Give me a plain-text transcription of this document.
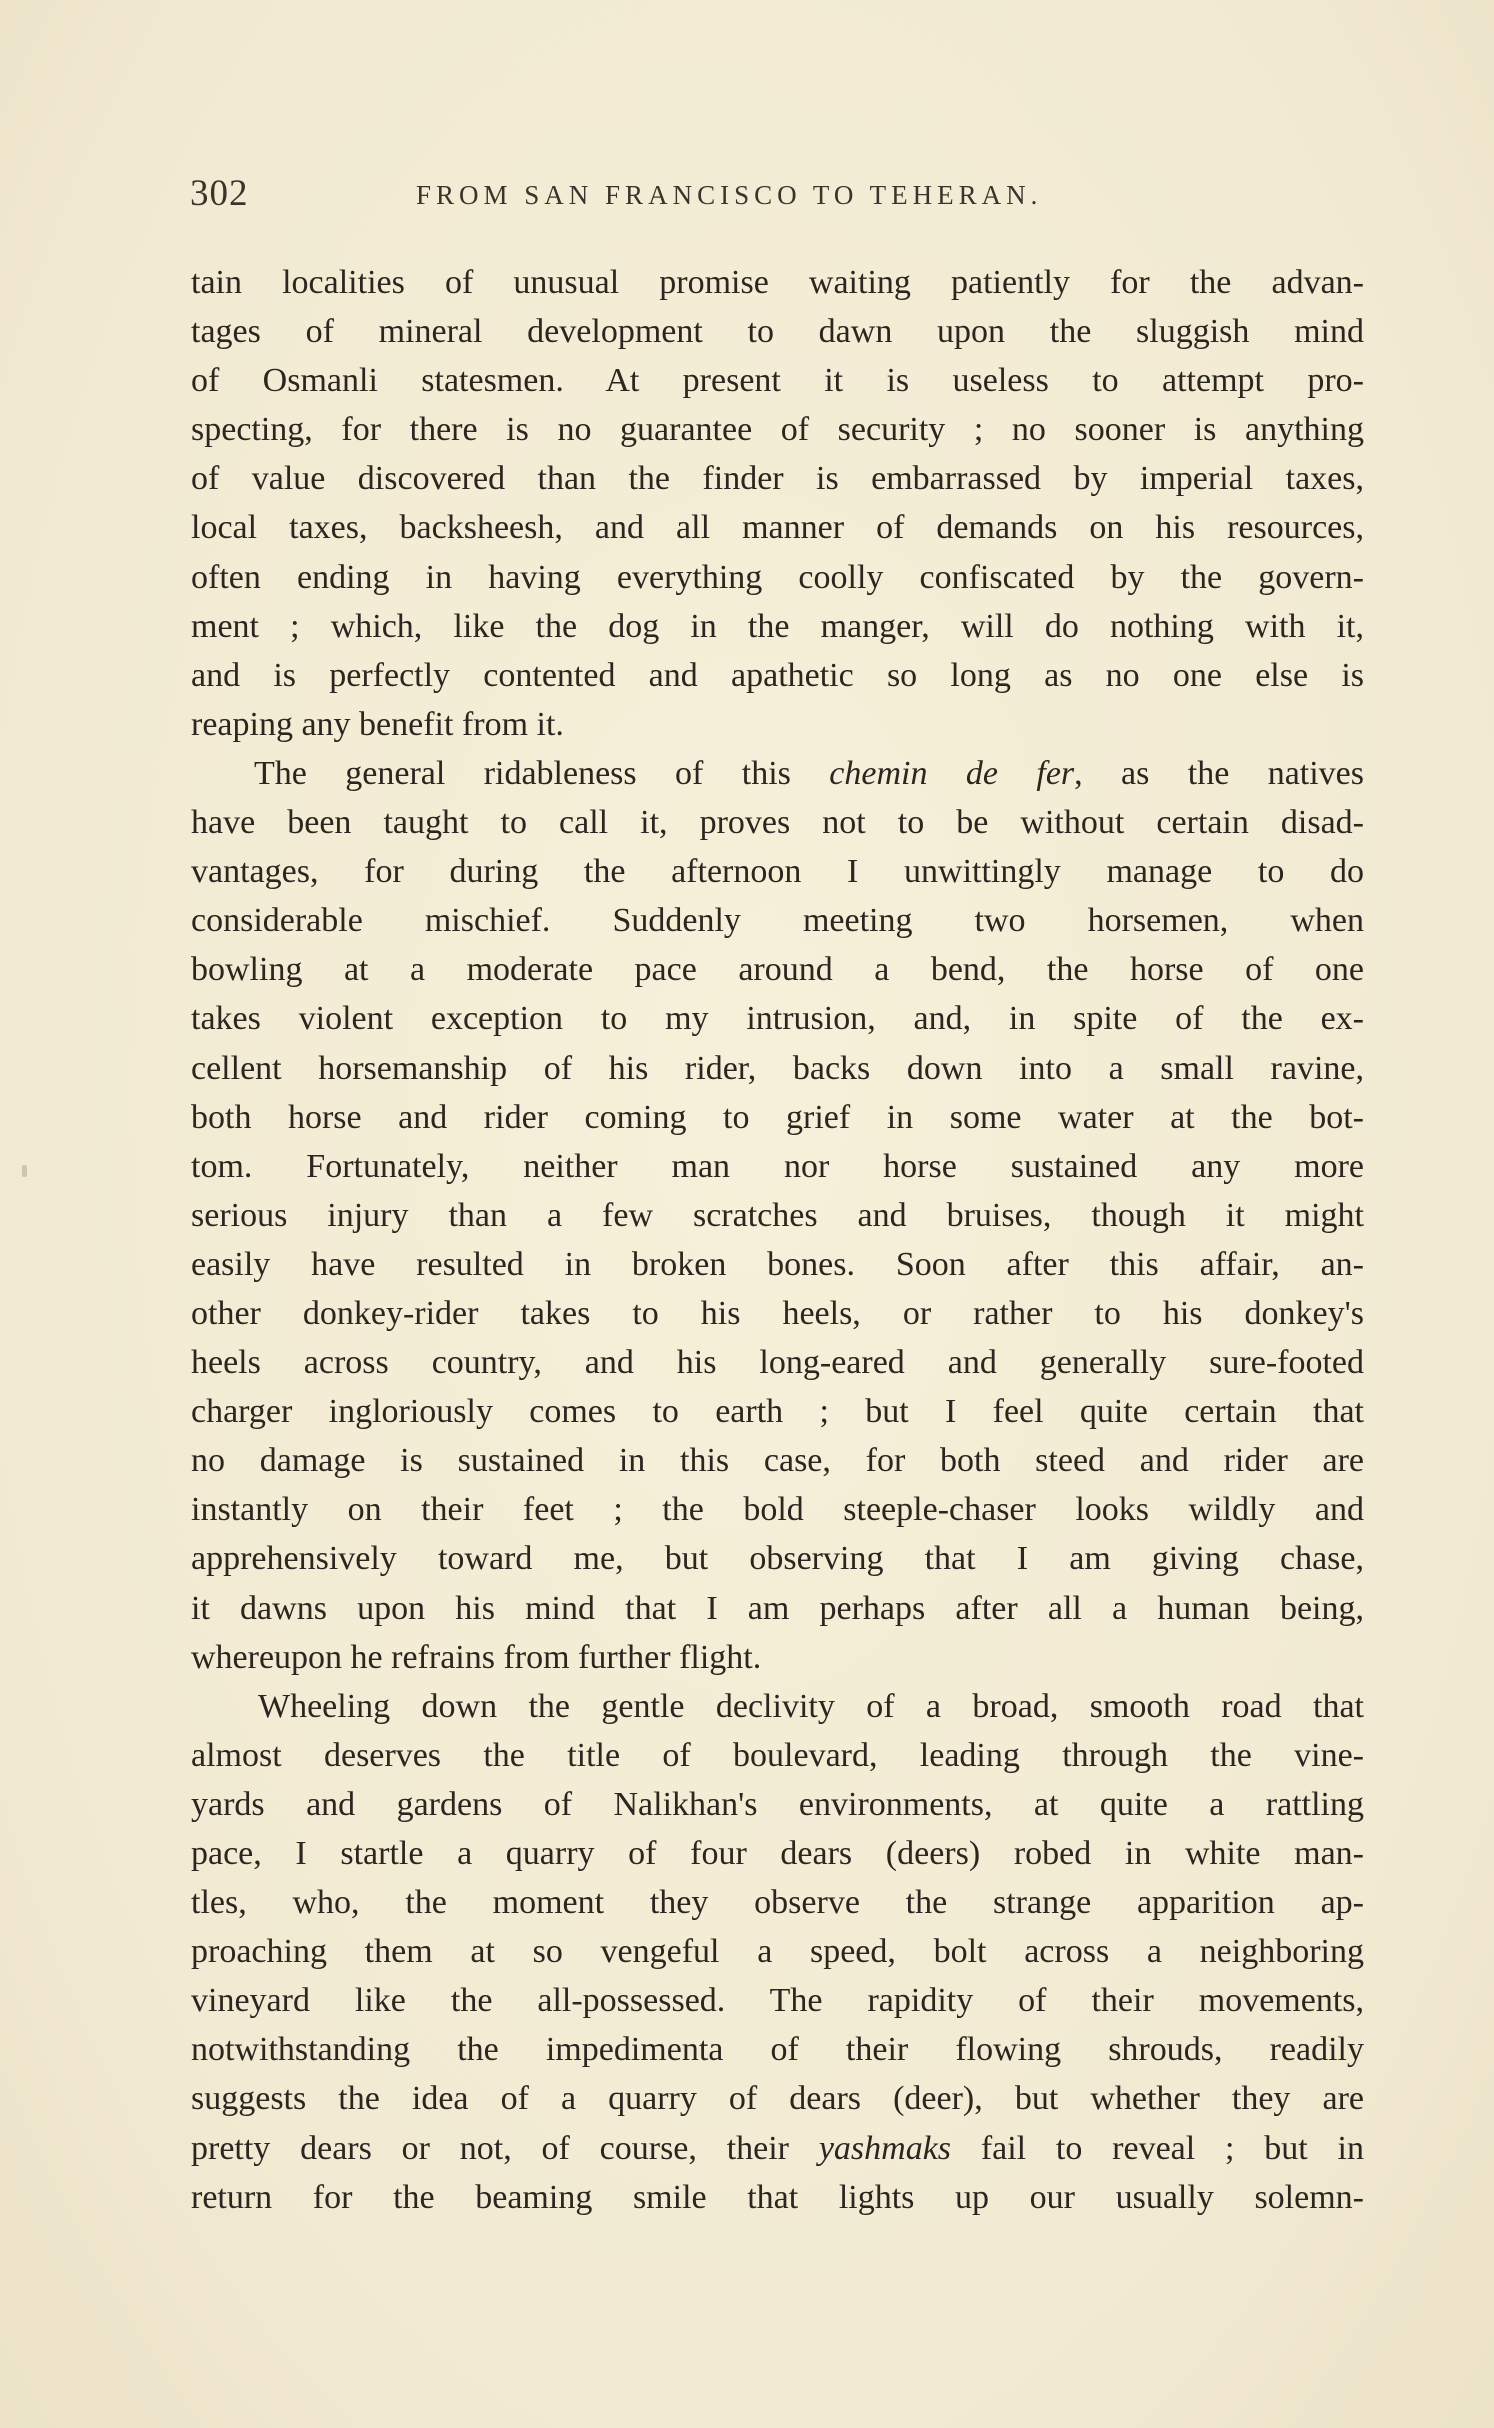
302	FROM SAN FRANCISCO TO TEHERAN.
tain localities of unusual promise waiting patiently for the advan-
tages of mineral development to dawn upon the sluggish mind
of Osmanli statesmen. At present it is useless to attempt pro-
specting, for there is no guarantee of security ; no sooner is anything
of value discovered than the finder is embarrassed by imperial taxes,
local taxes, backsheesh, and all manner of demands on his resources,
often ending in having everything coolly confiscated by the govern-
ment ; which, like the dog in the manger, will do nothing with it,
and is perfectly contented and apathetic so long as no one else is
reaping any benefit from it.
The general ridableness of this chemin de fer, as the natives
have been taught to call it, proves not to be without certain disad-
vantages, for during the afternoon I unwittingly manage to do
considerable mischief. Suddenly meeting two horsemen, when
bowling at a moderate pace around a bend, the horse of one
takes violent exception to my intrusion, and, in spite of the ex-
cellent horsemanship of his rider, backs down into a small ravine,
both horse and rider coming to grief in some water at the bot-
tom. Fortunately, neither man nor horse sustained any more
serious injury than a few scratches and bruises, though it might
easily have resulted in broken bones. Soon after this affair, an-
other donkey-rider takes to his heels, or rather to his donkey's
heels across country, and his long-eared and generally sure-footed
charger ingloriously comes to earth ; but I feel quite certain that
no damage is sustained in this case, for both steed and rider are
instantly on their feet ; the bold steeple-chaser looks wildly and
apprehensively toward me, but observing that I am giving chase,
it dawns upon his mind that I am perhaps after all a human being,
whereupon he refrains from further flight.
Wheeling down the gentle declivity of a broad, smooth road that
almost deserves the title of boulevard, leading through the vine-
yards and gardens of Nalikhan's environments, at quite a rattling
pace, I startle a quarry of four dears (deers) robed in white man-
tles, who, the moment they observe the strange apparition ap-
proaching them at so vengeful a speed, bolt across a neighboring
vineyard like the all-possessed. The rapidity of their movements,
notwithstanding the impedimenta of their flowing shrouds, readily
suggests the idea of a quarry of dears (deer), but whether they are
pretty dears or not, of course, their yashmaks fail to reveal ; but in
return for the beaming smile that lights up our usually solemn-
